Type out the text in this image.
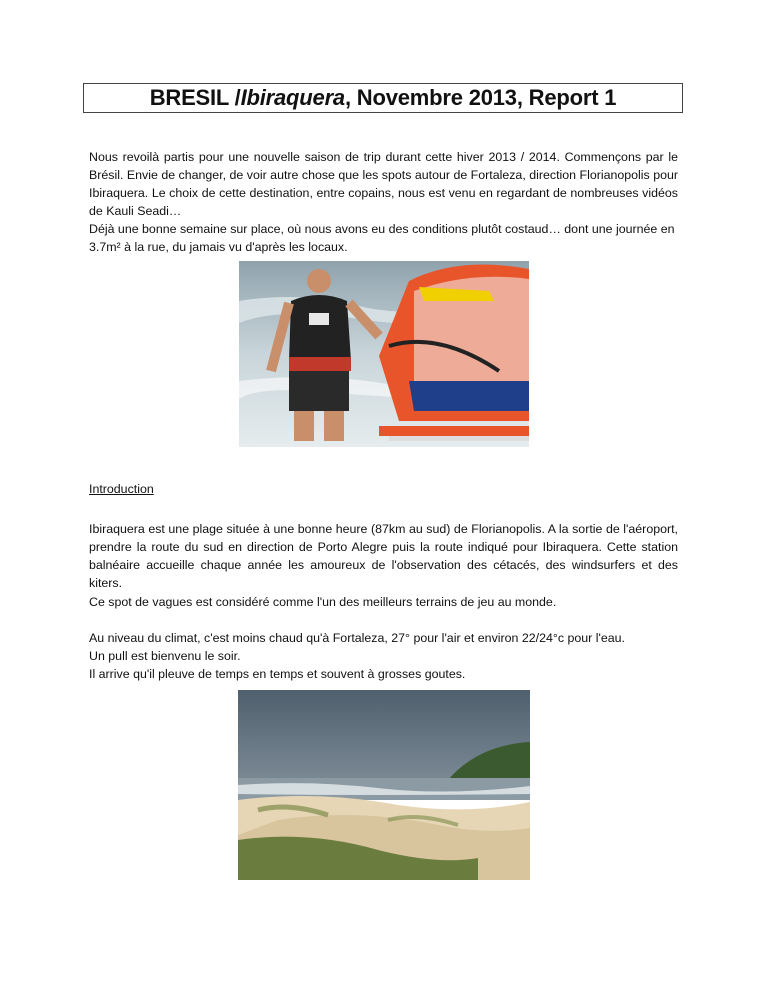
BRESIL / Ibiraquera , Novembre 2013, Report 1

Nous revoilà partis pour une nouvelle saison de trip durant cette hiver 2013 / 2014. Commençons par le Brésil. Envie de changer, de voir autre chose que les spots autour de Fortaleza, direction Florianopolis pour Ibiraquera. Le choix de cette destination, entre copains, nous est venu en regardant de nombreuses vidéos de Kauli Seadi…

Déjà une bonne semaine sur place, où nous avons eu des conditions plutôt costaud… dont une journée en 3.7m² à la rue, du jamais vu d'après les locaux.

Introduction

Ibiraquera est une plage située à une bonne heure (87km au sud) de Florianopolis. A la sortie de l'aéroport, prendre la route du sud en direction de Porto Alegre puis la route indiqué pour Ibiraquera. Cette station balnéaire accueille chaque année les amoureux de l'observation des cétacés, des windsurfers et des kiters.

Ce spot de vagues est considéré comme l'un des meilleurs terrains de jeu au monde.

Au niveau du climat, c'est moins chaud qu'à Fortaleza, 27° pour l'air et environ 22/24°c pour l'eau.
Un pull est bienvenu le soir.
Il arrive qu'il pleuve de temps en temps et souvent à grosses goutes.
